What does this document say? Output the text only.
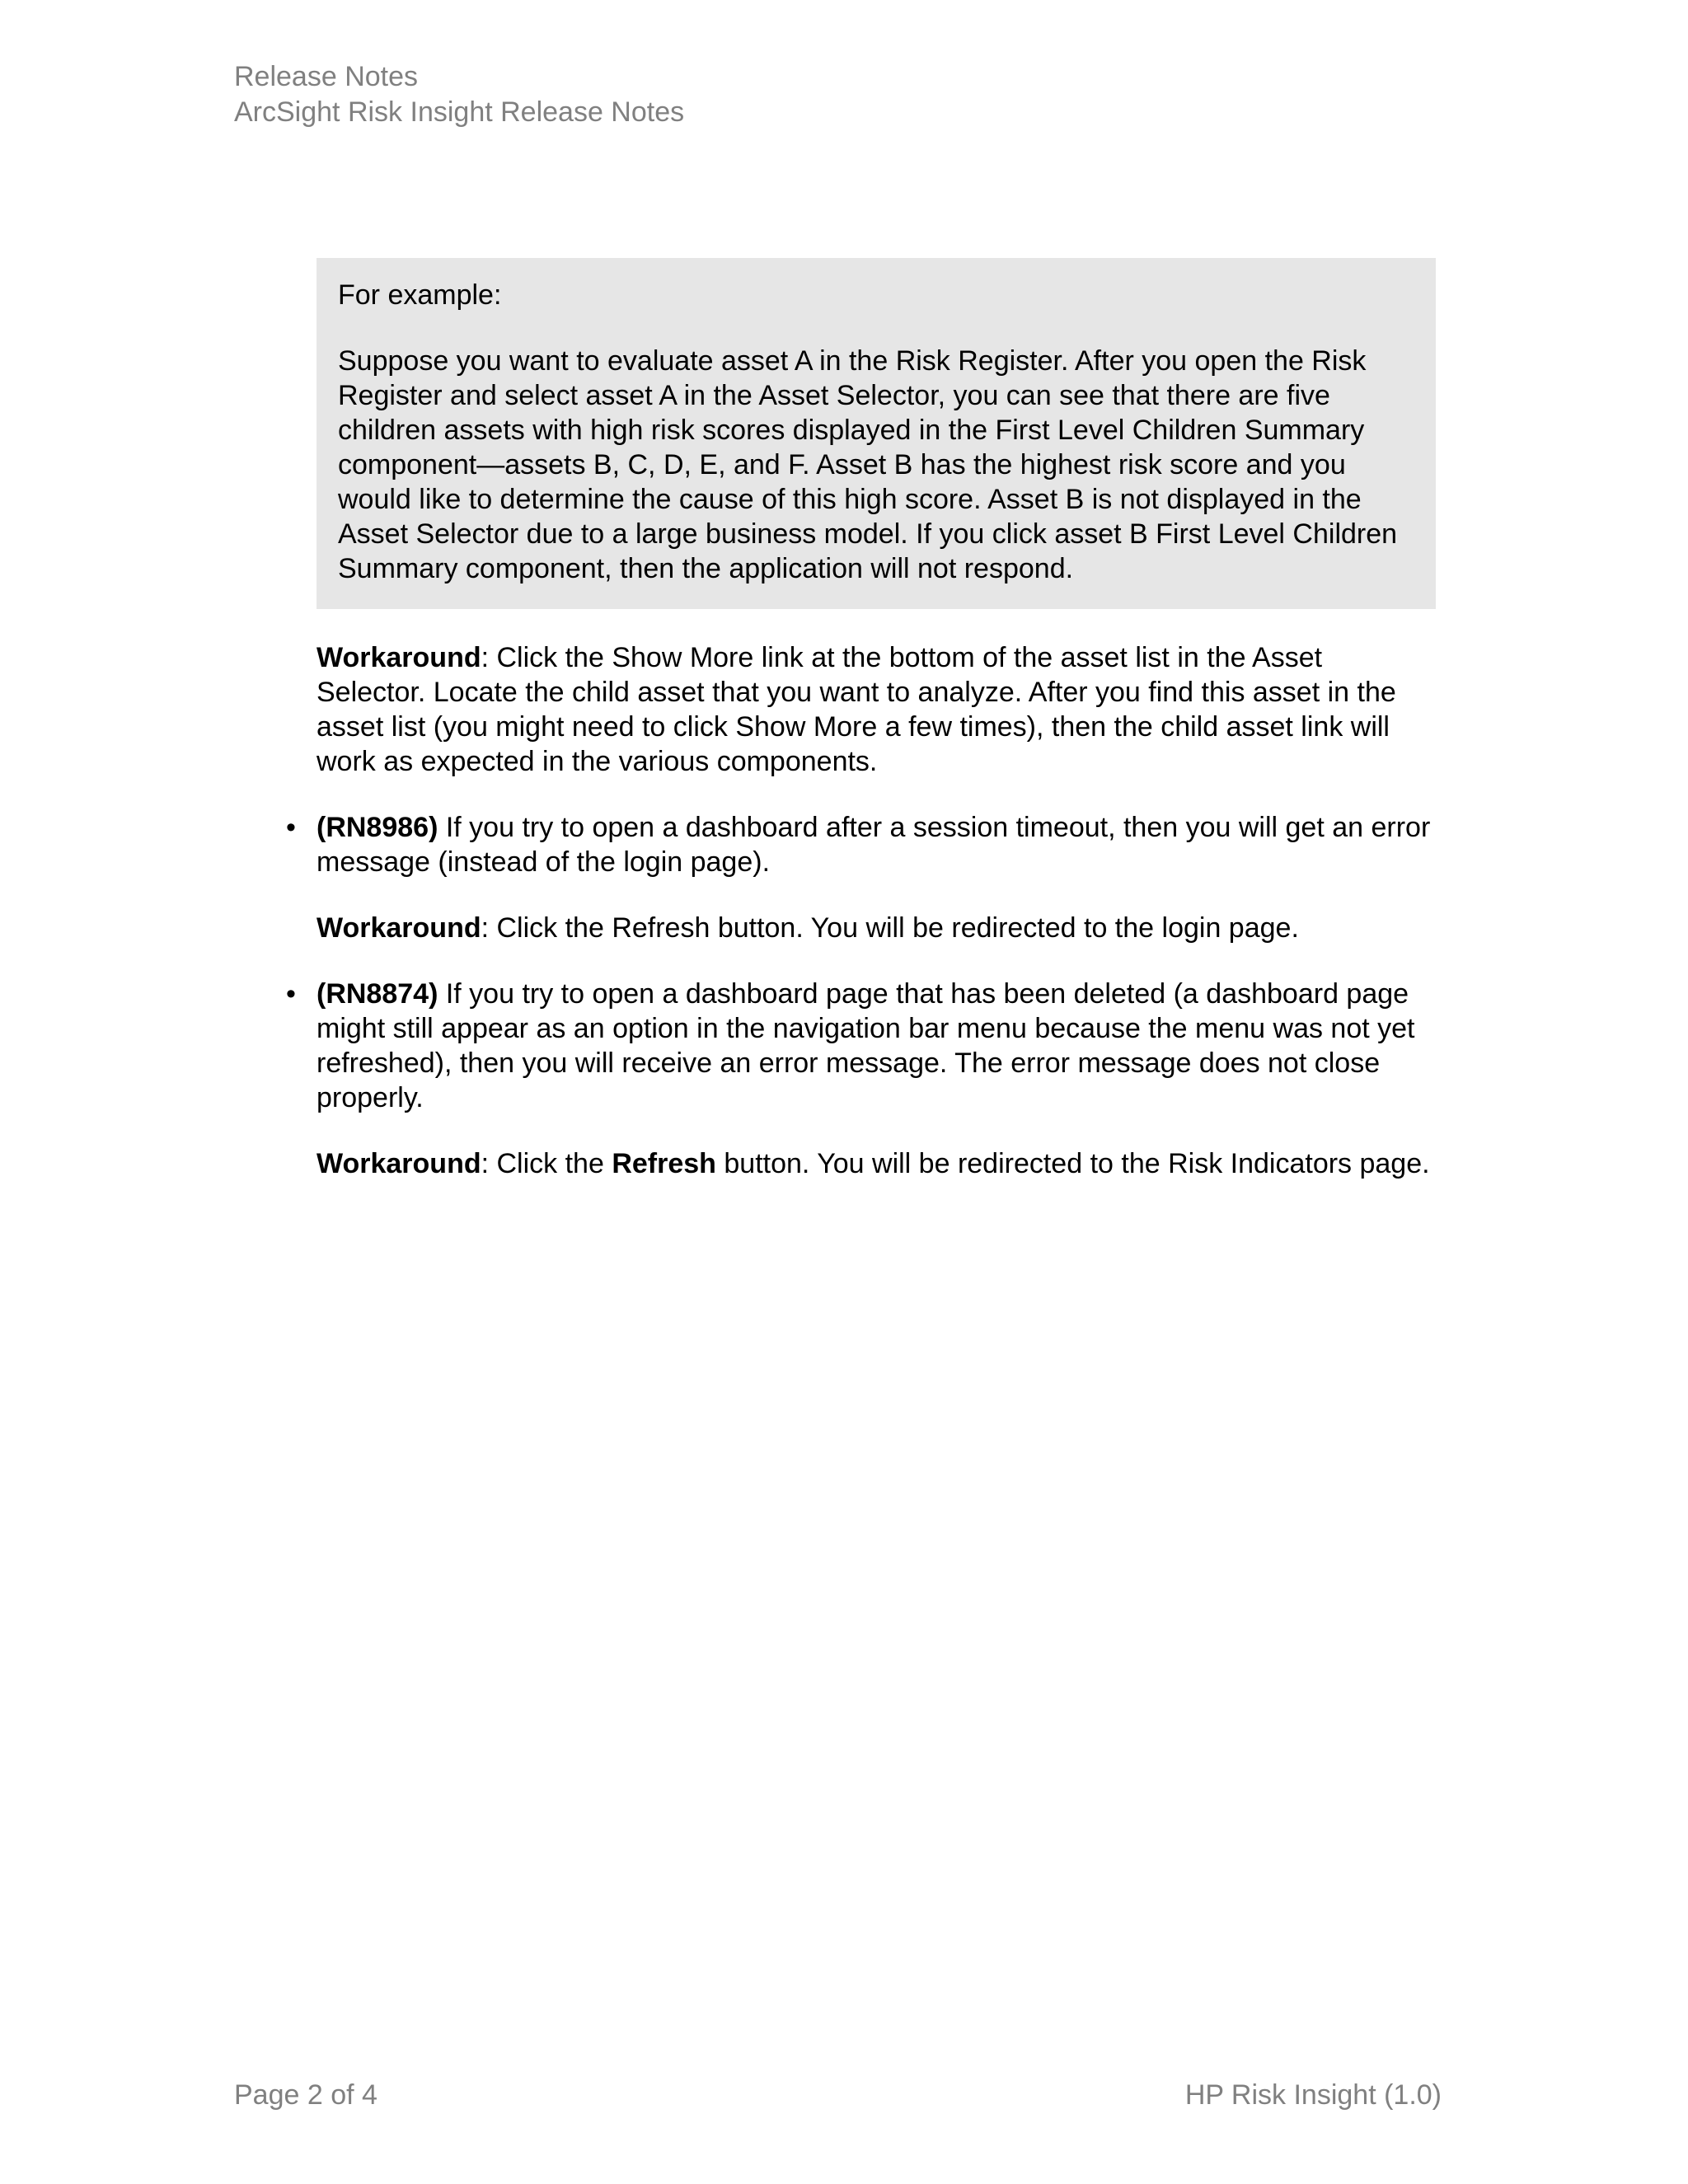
Release Notes
ArcSight Risk Insight Release Notes

For example:

Suppose you want to evaluate asset A in the Risk Register. After you open the Risk Register and select asset A in the Asset Selector, you can see that there are five children assets with high risk scores displayed in the First Level Children Summary component—assets B, C, D, E, and F. Asset B has the highest risk score and you would like to determine the cause of this high score. Asset B is not displayed in the Asset Selector due to a large business model. If you click asset B First Level Children Summary component, then the application will not respond.

Workaround: Click the Show More link at the bottom of the asset list in the Asset Selector. Locate the child asset that you want to analyze. After you find this asset in the asset list (you might need to click Show More a few times), then the child asset link will work as expected in the various components.

• (RN8986) If you try to open a dashboard after a session timeout, then you will get an error message (instead of the login page).

Workaround: Click the Refresh button. You will be redirected to the login page.

• (RN8874) If you try to open a dashboard page that has been deleted (a dashboard page might still appear as an option in the navigation bar menu because the menu was not yet refreshed), then you will receive an error message. The error message does not close properly.

Workaround: Click the Refresh button. You will be redirected to the Risk Indicators page.

Page 2 of 4	HP Risk Insight (1.0)
